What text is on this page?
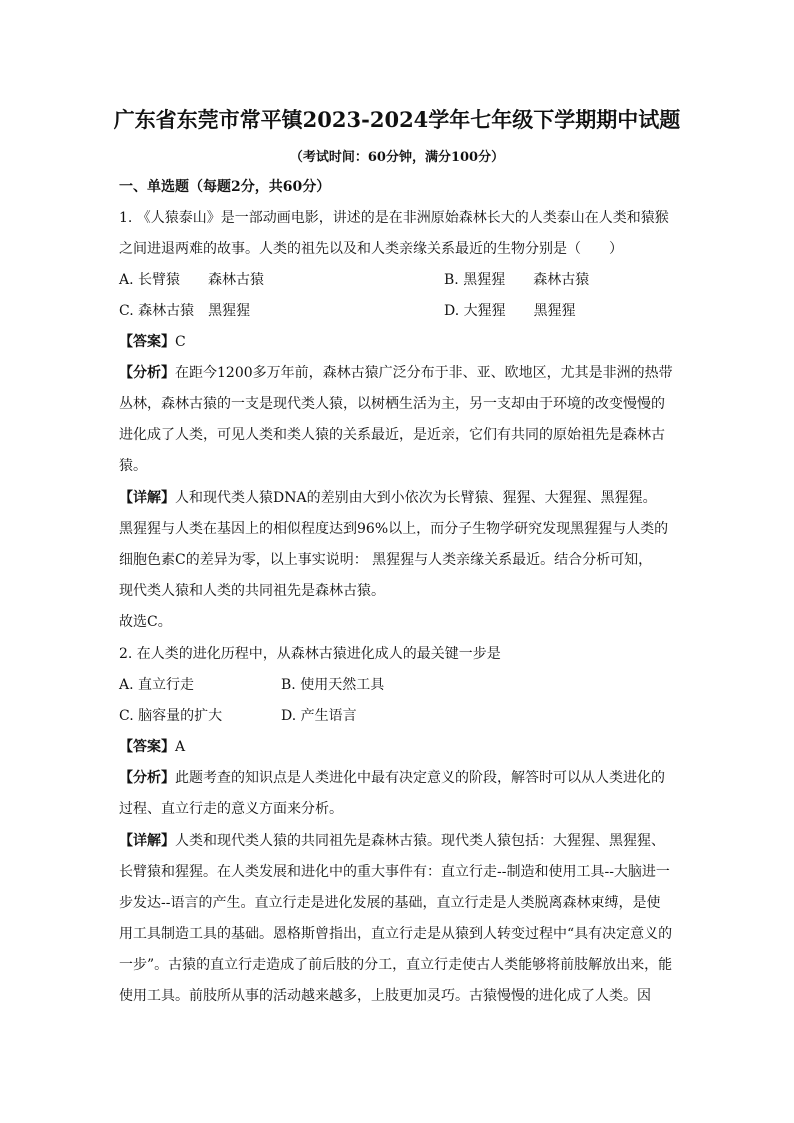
广东省东莞市常平镇2023-2024学年七年级下学期期中试题
（考试时间：60分钟，满分100分）
一、单选题（每题2分，共60分）
1. 《人猿泰山》是一部动画电影，讲述的是在非洲原始森林长大的人类泰山在人类和猿猴
之间进退两难的故事。人类的祖先以及和人类亲缘关系最近的生物分别是（　　）
A. 长臂猿　　森林古猿	B. 黑猩猩　　森林古猿
C. 森林古猿　黑猩猩	D. 大猩猩　　黑猩猩
【答案】C
【分析】在距今1200多万年前，森林古猿广泛分布于非、亚、欧地区，尤其是非洲的热带
丛林，森林古猿的一支是现代类人猿，以树栖生活为主，另一支却由于环境的改变慢慢的
进化成了人类，可见人类和类人猿的关系最近，是近亲，它们有共同的原始祖先是森林古
猿。
【详解】人和现代类人猿DNA的差别由大到小依次为长臂猿、猩猩、大猩猩、黑猩猩。
黑猩猩与人类在基因上的相似程度达到96%以上，而分子生物学研究发现黑猩猩与人类的
细胞色素C的差异为零，以上事实说明： 黑猩猩与人类亲缘关系最近。结合分析可知，
现代类人猿和人类的共同祖先是森林古猿。
故选C。
2. 在人类的进化历程中，从森林古猿进化成人的最关键一步是
A. 直立行走	B. 使用天然工具
C. 脑容量的扩大	D. 产生语言
【答案】A
【分析】此题考查的知识点是人类进化中最有决定意义的阶段，解答时可以从人类进化的
过程、直立行走的意义方面来分析。
【详解】人类和现代类人猿的共同祖先是森林古猿。现代类人猿包括：大猩猩、黑猩猩、
长臂猿和猩猩。在人类发展和进化中的重大事件有：直立行走--制造和使用工具--大脑进一
步发达--语言的产生。直立行走是进化发展的基础，直立行走是人类脱离森林束缚，是使
用工具制造工具的基础。恩格斯曾指出，直立行走是从猿到人转变过程中“具有决定意义的
一步”。古猿的直立行走造成了前后肢的分工，直立行走使古人类能够将前肢解放出来，能
使用工具。前肢所从事的活动越来越多，上肢更加灵巧。古猿慢慢的进化成了人类。因
